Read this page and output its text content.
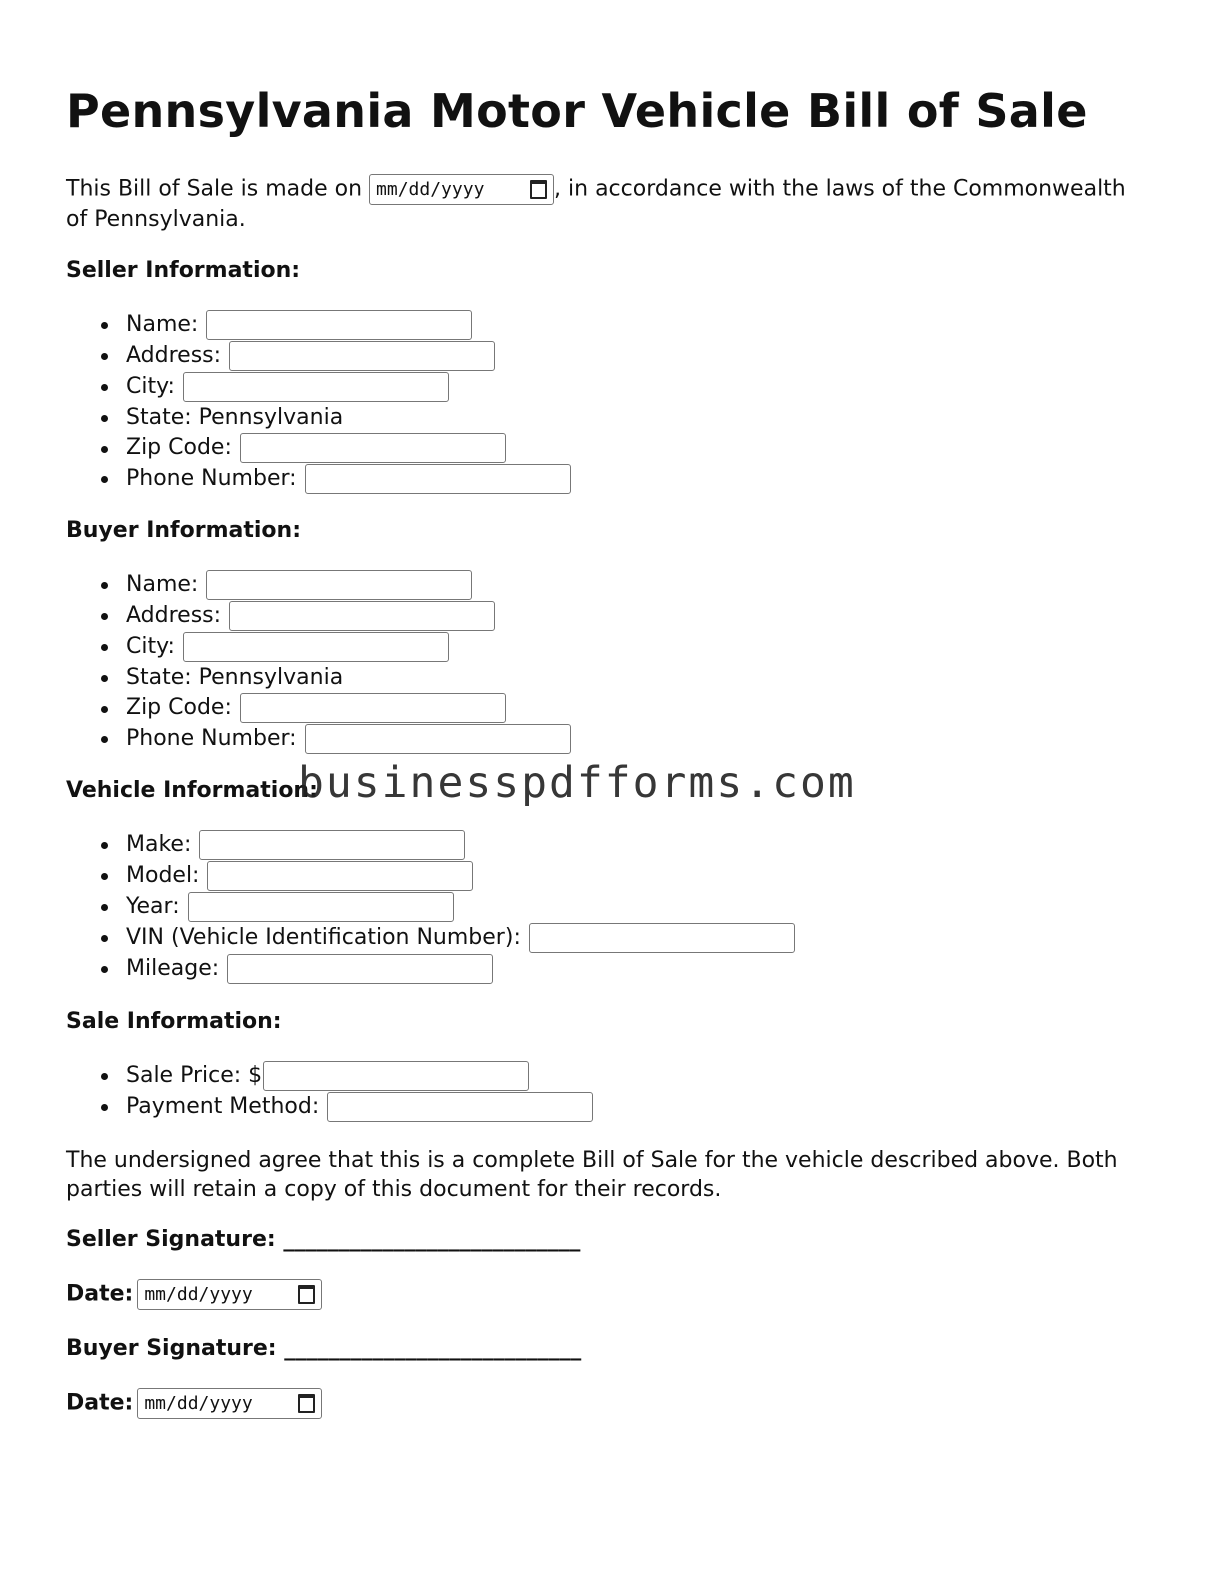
Pennsylvania Motor Vehicle Bill of Sale

This Bill of Sale is made on mm/dd/yyyy	, in accordance with the laws of the Commonwealth of Pennsylvania.

Seller Information:
Name:
Address:
City:
State: Pennsylvania
Zip Code:
Phone Number:
Buyer Information:
Name:
Address:
City:
State: Pennsylvania
Zip Code:
Phone Number:
Vehicle Information:
Make:
Model:
Year:
VIN (Vehicle Identification Number):
Mileage:
Sale Information:
Sale Price: $
Payment Method:

The undersigned agree that this is a complete Bill of Sale for the vehicle described above. Both parties will retain a copy of this document for their records.

Seller Signature: ___________________________

Date: mm/dd/yyyy

Buyer Signature: ___________________________

Date: mm/dd/yyyy

businesspdfforms.com
